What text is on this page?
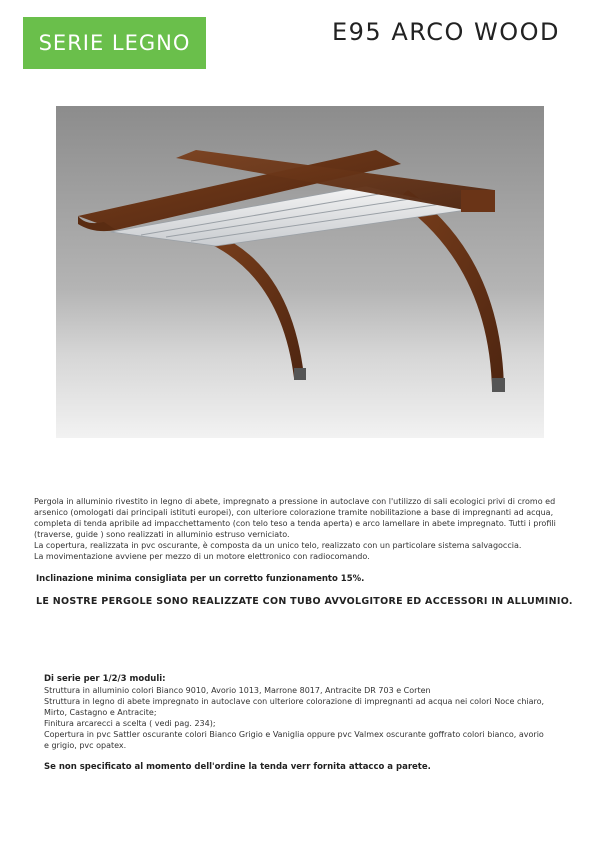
SERIE LEGNO	E95 ARCO WOOD

Pergola in alluminio rivestito in legno di abete, impregnato a pressione in autoclave con l'utilizzo di sali ecologici privi di cromo ed arsenico (omologati dai principali istituti europei), con ulteriore colorazione tramite nobilitazione a base di impregnanti ad acqua, completa di tenda apribile ad impacchettamento (con telo teso a tenda aperta) e arco lamellare in abete impregnato. Tutti i profili (traverse, guide ) sono realizzati in alluminio estruso verniciato.

La copertura, realizzata in pvc oscurante, è composta da un unico telo, realizzato con un particolare sistema salvagoccia.

La movimentazione avviene per mezzo di un motore elettronico con radiocomando.

Inclinazione minima consigliata per un corretto funzionamento 15%.
LE NOSTRE PERGOLE SONO REALIZZATE CON TUBO AVVOLGITORE ED ACCESSORI IN ALLUMINIO.

Di serie per 1/2/3 moduli:

Struttura in alluminio colori Bianco 9010, Avorio 1013, Marrone 8017, Antracite DR 703 e Corten

Struttura in legno di abete impregnato in autoclave con ulteriore colorazione di impregnanti ad acqua nei colori Noce chiaro,

Mirto, Castagno e Antracite;

Finitura arcarecci a scelta ( vedi pag. 234);

Copertura in pvc Sattler oscurante colori Bianco Grigio e Vaniglia oppure pvc Valmex oscurante goffrato colori bianco, avorio

e grigio, pvc opatex.

Se non specificato al momento dell'ordine la tenda verr fornita attacco a parete.
